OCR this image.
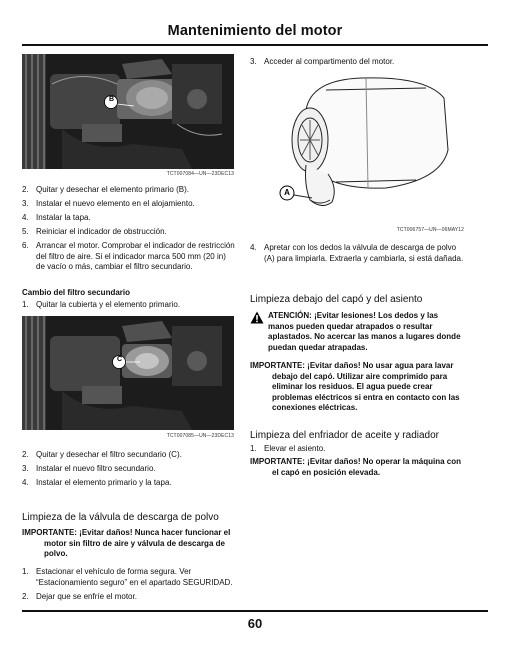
Mantenimiento del motor
B
TCT007084—UN—23DEC13
2. Quitar y desechar el elemento primario (B).
3. Instalar el nuevo elemento en el alojamiento.
4. Instalar la tapa.
5. Reiniciar el indicador de obstrucción.
6. Arrancar el motor. Comprobar el indicador de restricción del filtro de aire. Si el indicador marca 500 mm (20 in) de vacío o más, cambiar el filtro secundario.
Cambio del filtro secundario
1. Quitar la cubierta y el elemento primario.
C
TCT007085—UN—23DEC13
2. Quitar y desechar el filtro secundario (C).
3. Instalar el nuevo filtro secundario.
4. Instalar el elemento primario y la tapa.
Limpieza de la válvula de descarga de polvo
IMPORTANTE: ¡Evitar daños! Nunca hacer funcionar el motor sin filtro de aire y válvula de descarga de polvo.
1. Estacionar el vehículo de forma segura. Ver “Estacionamiento seguro” en el apartado SEGURIDAD.
2. Dejar que se enfríe el motor.
3. Acceder al compartimento del motor.
A
TCT006757—UN—06MAY12
4. Apretar con los dedos la válvula de descarga de polvo (A) para limpiarla. Extraerla y cambiarla, si está dañada.
Limpieza debajo del capó y del asiento
ATENCIÓN: ¡Evitar lesiones! Los dedos y las manos pueden quedar atrapados o resultar aplastados. No acercar las manos a lugares donde puedan quedar atrapadas.
IMPORTANTE: ¡Evitar daños! No usar agua para lavar debajo del capó. Utilizar aire comprimido para eliminar los residuos. El agua puede crear problemas eléctricos si entra en contacto con las conexiones eléctricas.
Limpieza del enfriador de aceite y radiador
1. Elevar el asiento.
IMPORTANTE: ¡Evitar daños! No operar la máquina con el capó en posición elevada.
60
